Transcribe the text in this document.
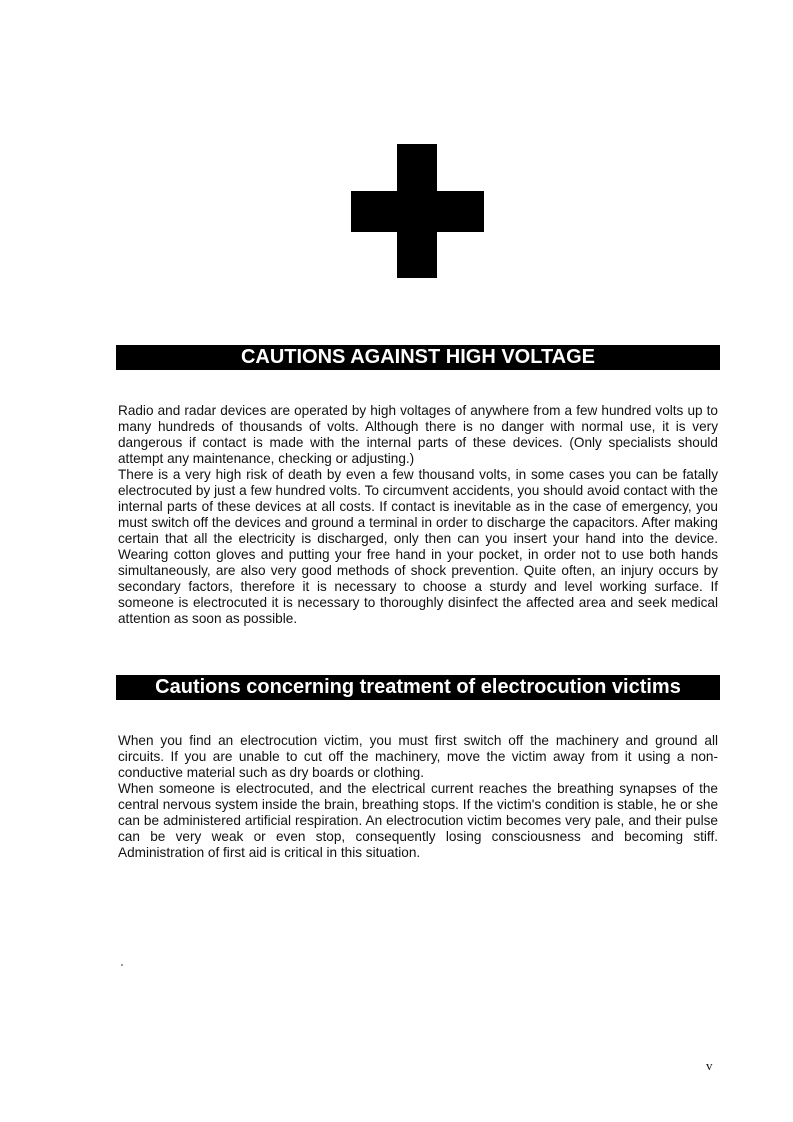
CAUTIONS AGAINST HIGH VOLTAGE

Radio and radar devices are operated by high voltages of anywhere from a few hundred volts up to many hundreds of thousands of volts. Although there is no danger with normal use, it is very dangerous if contact is made with the internal parts of these devices. (Only specialists should attempt any maintenance, checking or adjusting.)

There is a very high risk of death by even a few thousand volts, in some cases you can be fatally electrocuted by just a few hundred volts. To circumvent accidents, you should avoid contact with the internal parts of these devices at all costs. If contact is inevitable as in the case of emergency, you must switch off the devices and ground a terminal in order to discharge the capacitors. After making certain that all the electricity is discharged, only then can you insert your hand into the device. Wearing cotton gloves and putting your free hand in your pocket, in order not to use both hands simultaneously, are also very good methods of shock prevention. Quite often, an injury occurs by secondary factors, therefore it is necessary to choose a sturdy and level working surface. If someone is electrocuted it is necessary to thoroughly disinfect the affected area and seek medical attention as soon as possible.

Cautions concerning treatment of electrocution victims

When you find an electrocution victim, you must first switch off the machinery and ground all circuits. If you are unable to cut off the machinery, move the victim away from it using a non-conductive material such as dry boards or clothing.

When someone is electrocuted, and the electrical current reaches the breathing synapses of the central nervous system inside the brain, breathing stops. If the victim's condition is stable, he or she can be administered artificial respiration. An electrocution victim becomes very pale, and their pulse can be very weak or even stop, consequently losing consciousness and becoming stiff. Administration of first aid is critical in this situation.

v
